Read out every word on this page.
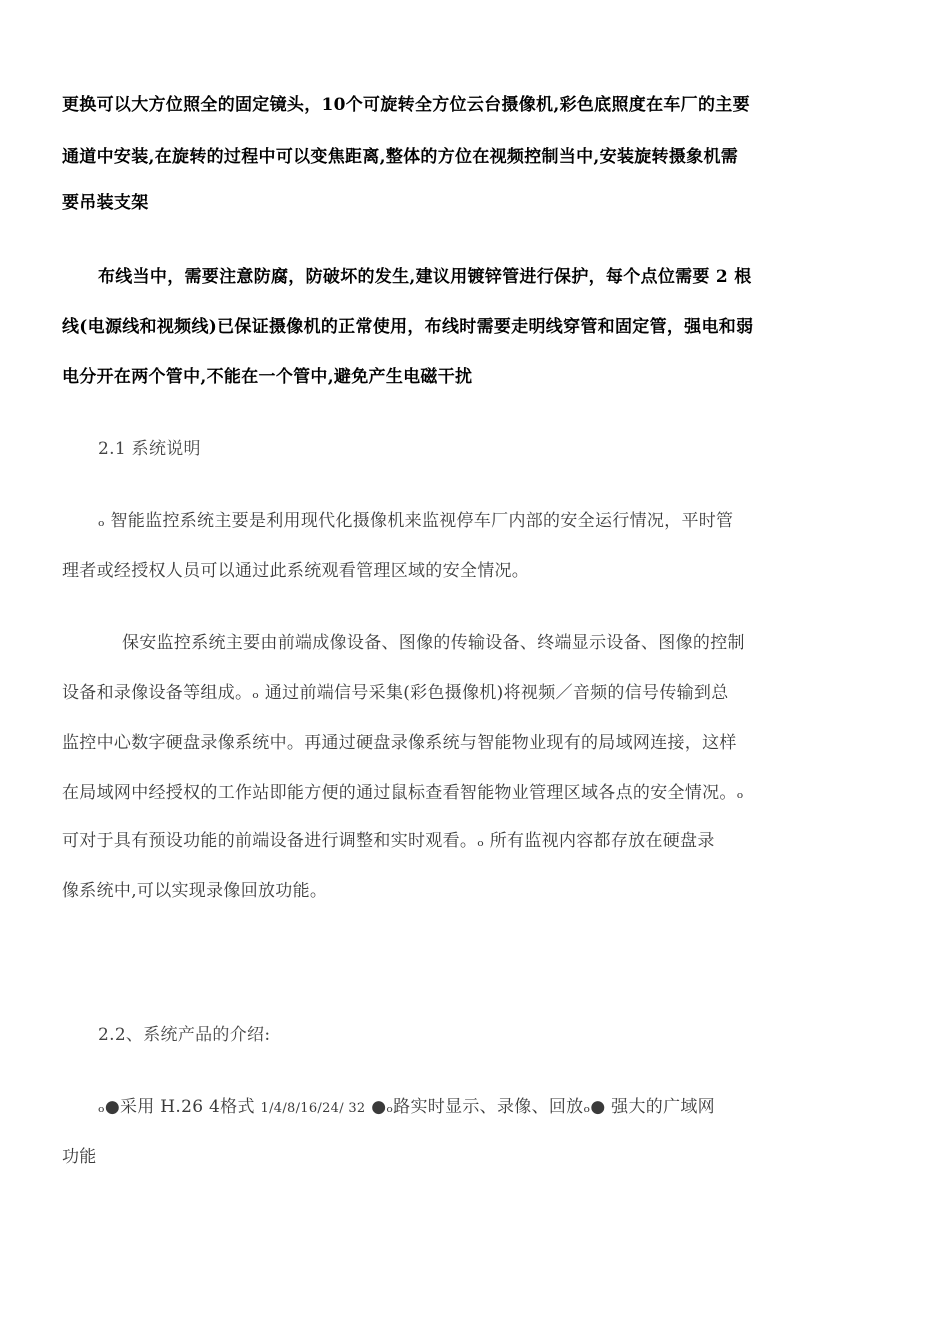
更换可以大方位照全的固定镜头，10个可旋转全方位云台摄像机,彩色底照度在车厂的主要
通道中安装,在旋转的过程中可以变焦距离,整体的方位在视频控制当中,安装旋转摄象机需
要吊装支架
布线当中，需要注意防腐，防破坏的发生,建议用镀锌管进行保护，每个点位需要 2 根
线(电源线和视频线)已保证摄像机的正常使用，布线时需要走明线穿管和固定管，强电和弱
电分开在两个管中,不能在一个管中,避免产生电磁干扰
2.1 系统说明
ₒ 智能监控系统主要是利用现代化摄像机来监视停车厂内部的安全运行情况，平时管
理者或经授权人员可以通过此系统观看管理区域的安全情况。
保安监控系统主要由前端成像设备、图像的传输设备、终端显示设备、图像的控制
设备和录像设备等组成。ₒ 通过前端信号采集(彩色摄像机)将视频／音频的信号传输到总
监控中心数字硬盘录像系统中。再通过硬盘录像系统与智能物业现有的局域网连接，这样
在局域网中经授权的工作站即能方便的通过鼠标查看智能物业管理区域各点的安全情况。ₒ
可对于具有预设功能的前端设备进行调整和实时观看。ₒ 所有监视内容都存放在硬盘录
像系统中,可以实现录像回放功能。
2.2、系统产品的介绍:
ₒ●采用 H.26 4格式 1/4/8/16/24/ 32 ●ₒ路实时显示、录像、回放ₒ● 强大的广域网
功能
